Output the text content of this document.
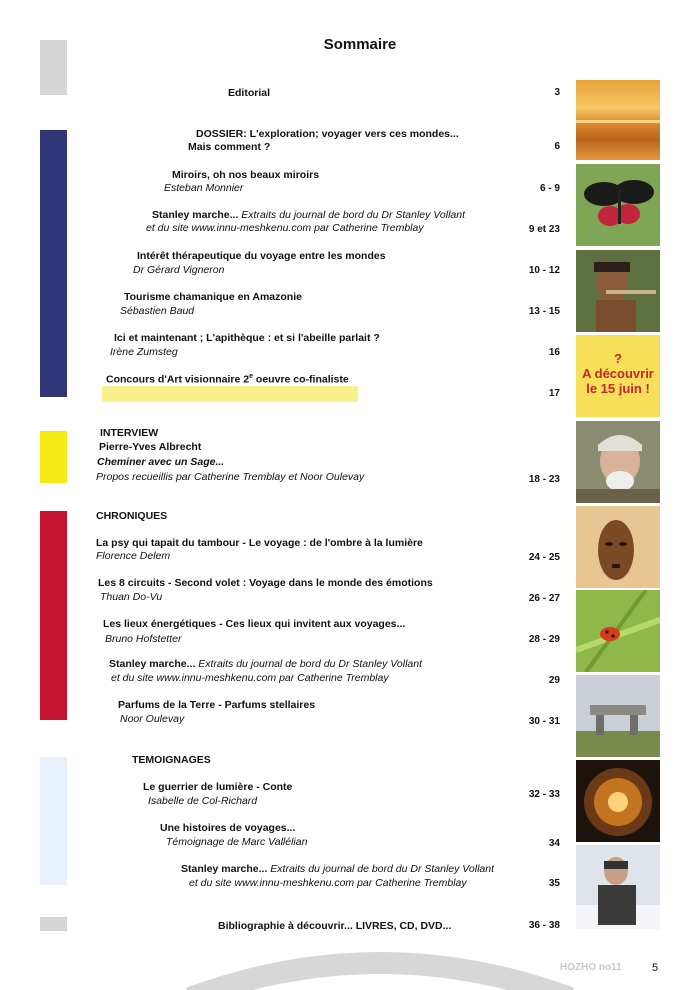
Sommaire
Editorial	3
DOSSIER: L'exploration; voyager vers ces mondes...
Mais comment ?	6
Miroirs, oh nos beaux miroirs
Esteban Monnier	6 - 9
Stanley marche... Extraits du journal de bord du Dr Stanley Vollant
et du site www.innu-meshkenu.com par Catherine Tremblay	9 et 23
Intérêt thérapeutique du voyage entre les mondes
Dr Gérard Vigneron	10 - 12
Tourisme chamanique en Amazonie
Sébastien Baud	13 - 15
Ici et maintenant ; L'apithèque : et si l'abeille parlait ?
Irène Zumsteg	16
Concours d'Art visionnaire 2e oeuvre co-finaliste
17
INTERVIEW
Pierre-Yves Albrecht
Cheminer avec un Sage...
Propos recueillis par Catherine Tremblay et Noor Oulevay	18 - 23
CHRONIQUES
La psy qui tapait du tambour - Le voyage : de l'ombre à la lumière
Florence Delem	24 - 25
Les 8 circuits - Second volet : Voyage dans le monde des émotions
Thuan Do-Vu	26 - 27
Les lieux énergétiques - Ces lieux qui invitent aux voyages...
Bruno Hofstetter	28 - 29
Stanley marche... Extraits du journal de bord du Dr Stanley Vollant
et du site www.innu-meshkenu.com par Catherine Tremblay	29
Parfums de la Terre - Parfums stellaires
Noor Oulevay	30 - 31
TEMOIGNAGES
Le guerrier de lumière - Conte
Isabelle de Col-Richard
32 - 33
Une histoires de voyages...
Témoignage de Marc Vallélian	34
Stanley marche... Extraits du journal de bord du Dr Stanley Vollant
et du site www.innu-meshkenu.com par Catherine Tremblay	35
Bibliographie à découvrir... LIVRES, CD, DVD...	36 - 38
?
A découvrir
le 15 juin !
HOZHO no11	5
